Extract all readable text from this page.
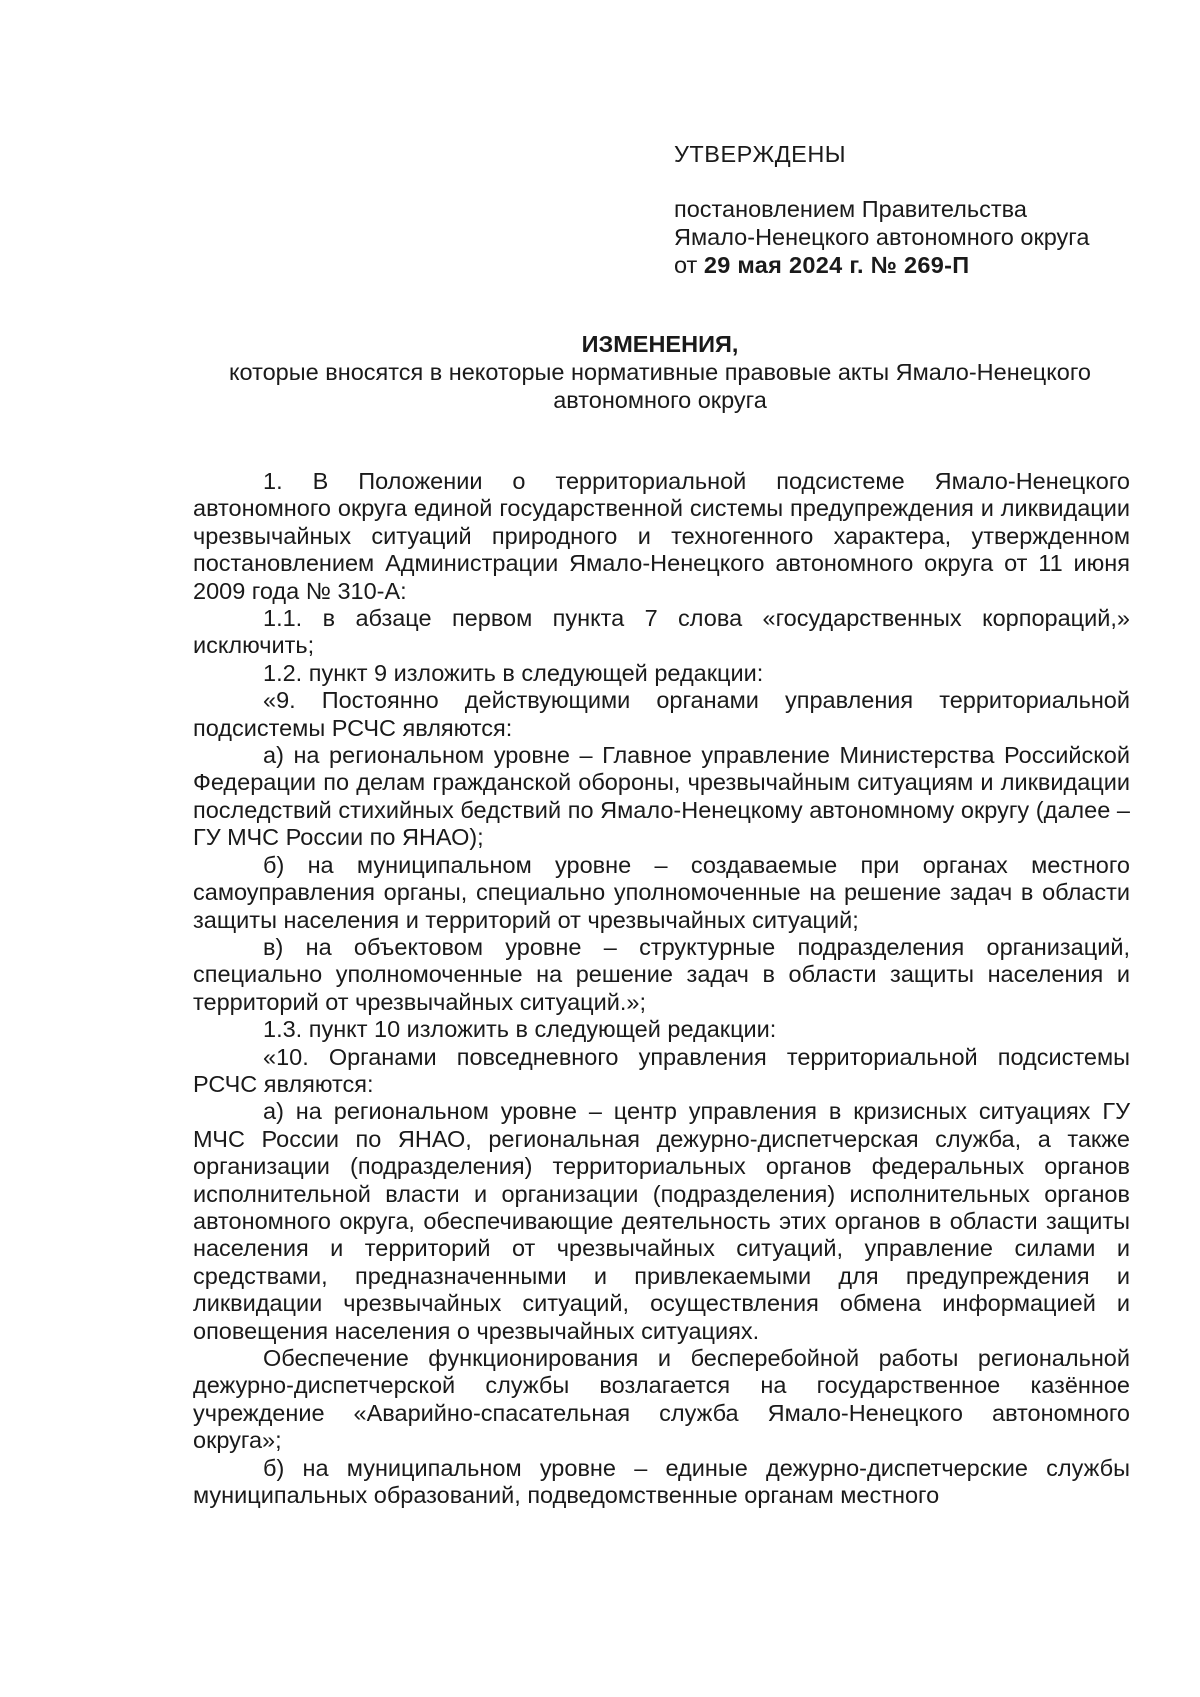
УТВЕРЖДЕНЫ

постановлением Правительства

Ямало-Ненецкого автономного округа

от 29 мая 2024 г. № 269-П

ИЗМЕНЕНИЯ,

которые вносятся в некоторые нормативные правовые акты Ямало-Ненецкого автономного округа

1. В Положении о территориальной подсистеме Ямало-Ненецкого автономного округа единой государственной системы предупреждения и ликвидации чрезвычайных ситуаций природного и техногенного характера, утвержденном постановлением Администрации Ямало-Ненецкого автономного округа от 11 июня 2009 года № 310-А:

1.1. в абзаце первом пункта 7 слова «государственных корпораций,» исключить;

1.2. пункт 9 изложить в следующей редакции:

«9. Постоянно действующими органами управления территориальной подсистемы РСЧС являются:

а) на региональном уровне – Главное управление Министерства Российской Федерации по делам гражданской обороны, чрезвычайным ситуациям и ликвидации последствий стихийных бедствий по Ямало-Ненецкому автономному округу (далее – ГУ МЧС России по ЯНАО);

б) на муниципальном уровне – создаваемые при органах местного самоуправления органы, специально уполномоченные на решение задач в области защиты населения и территорий от чрезвычайных ситуаций;

в) на объектовом уровне – структурные подразделения организаций, специально уполномоченные на решение задач в области защиты населения и территорий от чрезвычайных ситуаций.»;

1.3. пункт 10 изложить в следующей редакции:

«10. Органами повседневного управления территориальной подсистемы РСЧС являются:

а) на региональном уровне – центр управления в кризисных ситуациях ГУ МЧС России по ЯНАО, региональная дежурно-диспетчерская служба, а также организации (подразделения) территориальных органов федеральных органов исполнительной власти и организации (подразделения) исполнительных органов автономного округа, обеспечивающие деятельность этих органов в области защиты населения и территорий от чрезвычайных ситуаций, управление силами и средствами, предназначенными и привлекаемыми для предупреждения и ликвидации чрезвычайных ситуаций, осуществления обмена информацией и оповещения населения о чрезвычайных ситуациях.

Обеспечение функционирования и бесперебойной работы региональной дежурно-диспетчерской службы возлагается на государственное казённое учреждение «Аварийно-спасательная служба Ямало-Ненецкого автономного округа»;

б) на муниципальном уровне – единые дежурно-диспетчерские службы муниципальных образований, подведомственные органам местного
